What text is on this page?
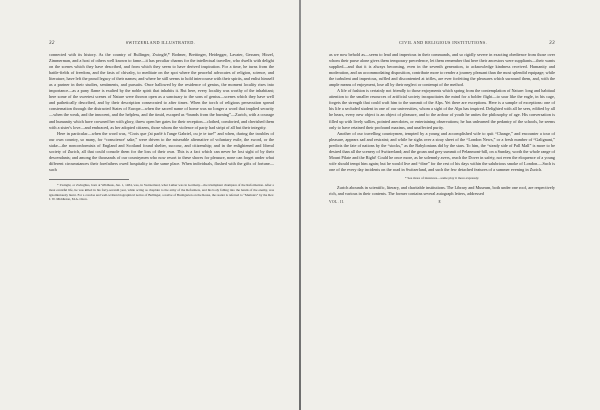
32	SWITZERLAND ILLUSTRATED.

connected with its history. As the country of Bullinger, Zwinglé,* Bodmer, Breitinger, Heidegger, Lavater, Gessner, Hirzel, Zimmerman, and a host of others well known to fame—it has peculiar charms for the intellectual traveller, who dwells with delight on the scenes which they have described, and from which they seem to have derived inspiration. For a time, he turns from the battle-fields of freedom, and the fasts of chivalry, to meditate on the spot where the peaceful advocates of religion, science, and literature, have left the proud legacy of their names; and where he still seems to hold intercourse with their spirits, and enlist himself as a partner in their studies, sentiments, and pursuits. Once hallowed by the residence of genius, the moment locality rises into importance—as a puny flame is exalted by the noble spirit that inhabits it. But here, every locality was worthy of the inhabitant; here some of the sweetest scenes of Nature were thrown open as a sanctuary to the sons of genius—scenes which they have well and pathetically described, and by their description consecrated to after times. When the torch of religious persecution spread consternation through the distracted States of Europe—when the sacred name of home was no longer a word that implied security—when the weak, and the innocent, and the helpless, and the timid, escaped as “brands from the burning”—Zurich, with a courage and humanity which have crowned her with glory, threw open her gates for their reception—clothed, comforted, and cherished them with a sister's love—and embraced, as her adopted citizens, those whom the violence of party had stript of all but their integrity.

Here in particular—when the word was, “Crois que j'ai parlé à l'ange Gabriel, ou je te tue!” and when, during the troubles of our own country, so many, for “conscience' sake,” were driven to the miserable alternative of voluntary exile, the sword, or the stake—the nonconformists of England and Scotland found shelter, succour, and citizenship; and in the enlightened and liberal society of Zurich, all that could console them for the loss of their own. This is a fact which can never be lost sight of by their descendants; and among the thousands of our countrymen who now resort to these shores for pleasure, none can forget under what different circumstances their forefathers owed hospitality in the same place. When individuals, flushed with the gifts of fortune—such

* Zwinglé, or Zwinglius, born at Wildhaus, Jan. 1, 1484, was, in Switzerland, what Luther was in Germany—the triumphant champion of the Reformation. After a most eventful life, he was killed in his forty-seventh year, while acting as chaplain to the army of the Reformers, and his body falling into the hands of the enemy, was ignominiously burnt. For a concise and well-written biographical notice of Bullinger, a native of Bremgarten on the Reuss, the reader is referred to “Memoirs” by the Rev. J. W. Middleton, M.A. Oxon.

CIVIL AND RELIGIOUS INSTITUTIONS.	33

as we now behold as—seem to lead and imperious in their commands, and so rigidly severe in exacting obedience from those over whom their purse alone gives them temporary precedence, let them remember that here their ancestors were suppliants—their wants supplied—and that it is always becoming, even in the seventh generation, to acknowledge kindness received. Humanity and moderation, and an accommodating disposition, contribute more to render a journey pleasant than the most splendid equipage; while the turbulent and imperious, ruffled and discontented at trifles, are ever forfeiting the pleasures which surround them, and, with the ample means of enjoyment, lose all by their neglect or contempt of the method.

A life of fashion is certainly not friendly to those enjoyments which spring from the contemplation of Nature: long and habitual attention to the smaller resources of artificial society incapacitates the mind for a bolder flight—to soar like the eagle, in his cage, forgets the strength that could waft him to the summit of the Alps. Yet there are exceptions. Here is a sample of exceptions: one of his life a secluded student in one of our universities, whom a sight of the Alps has inspired. Delighted with all he sees, edified by all he hears, every new object is an object of pleasure, and to the ardour of youth he unites the philosophy of age. His conversation is filled up with lively sallies, pointed anecdotes, or entertaining observations; he has unlearned the pedantry of the schools, he seems only to have retained their profound maxims, and unaffected purity.

Another of our travelling countrymen, tempted by a young and accomplished wife to quit “Change,” and encounter a tour of pleasure, appears sad and restraint; and while he sighs over a stray sheet of the “London News,” or a fresh number of “Galignani,” predicts the fate of nations by the “stocks,” as the Babylonians did by the stars. To him, the “steady side of Pall Mall” is more to be desired than all the scenery of Switzerland; and the groan and grey summit of Pelanmont-hill, on a Sunday, worth the whole range of Mount Pilate and the Righi! Could he once more, as he solemnly avers, reach the Dover in safety, not even the eloquence of a young wife should tempt him again; but he would live and “dine” for the rest of his days within the salubrious smoke of London.—Such is one of the every day incidents on the road in Switzerland, and such the few detached features of a summer evening in Zurich.

* See more of instances—some play it more expressly.

Zurich abounds in scientific, literary, and charitable institutions. The Library and Museum, both under one roof, are respectively rich, and various in their contents. The former contains several autograph letters, addressed

VOL. II.	E
